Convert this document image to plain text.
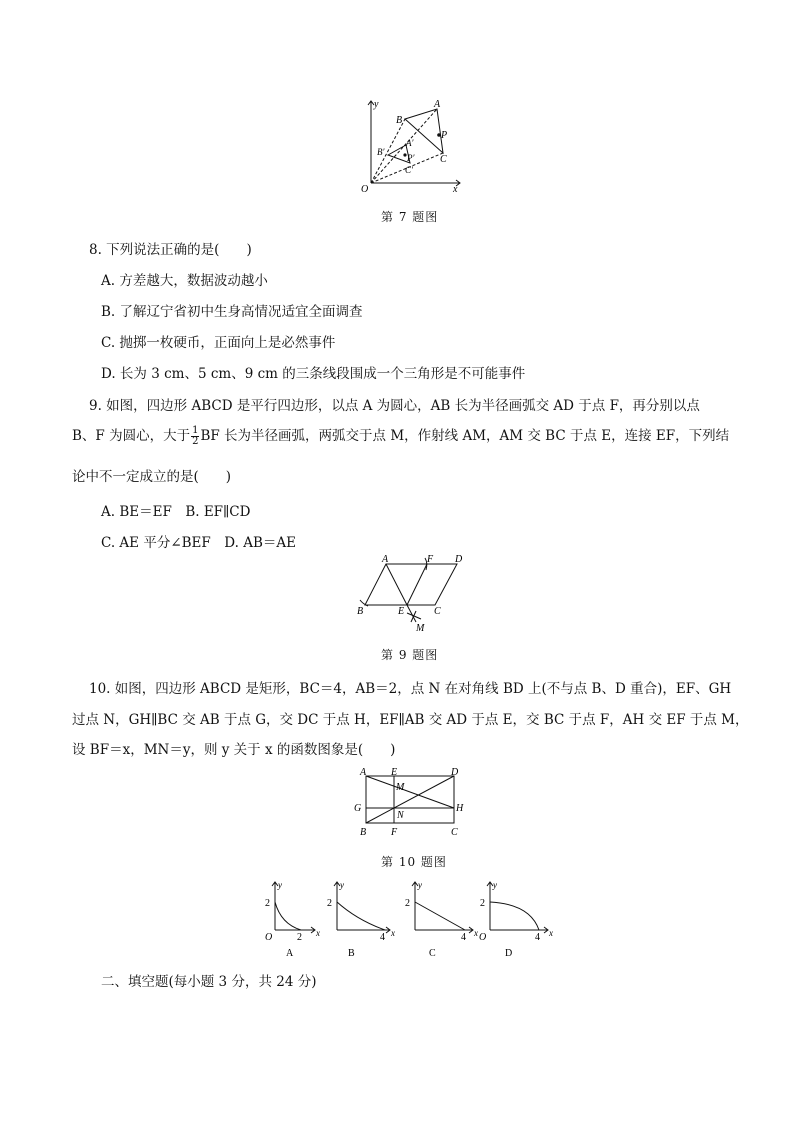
y
x
O
A
B
P
C
A′
B′
P′
C′
第 7 题图
8. 下列说法正确的是(　　)
A. 方差越大，数据波动越小
B. 了解辽宁省初中生身高情况适宜全面调查
C. 抛掷一枚硬币，正面向上是必然事件
D. 长为 3 cm、5 cm、9 cm 的三条线段围成一个三角形是不可能事件
9. 如图，四边形 ABCD 是平行四边形，以点 A 为圆心，AB 长为半径画弧交 AD 于点 F，再分别以点
B、F 为圆心，大于 $\frac{1}{2}$ BF 长为半径画弧，两弧交于点 M，作射线 AM，AM 交 BC 于点 E，连接 EF，下列结
论中不一定成立的是(　　)
A. BE＝EF　B. EF∥CD
C. AE 平分∠BEF　D. AB＝AE
A	F D
B	E	C
M
第 9 题图
10. 如图，四边形 ABCD 是矩形，BC＝4，AB＝2，点 N 在对角线 BD 上(不与点 B、D 重合)，EF、GH
过点 N，GH∥BC 交 AB 于点 G，交 DC 于点 H，EF∥AB 交 AD 于点 E，交 BC 于点 F，AH 交 EF 于点 M，
设 BF＝x，MN＝y，则 y 关于 x 的函数图象是(　　)
A E	D
M
G	H
N
B F	C
第 10 题图
y
2
O 2 x
A
y
2
4 x
B
y
2
4 x
C
y
2
O	4 x
D
二、填空题(每小题 3 分，共 24 分)
